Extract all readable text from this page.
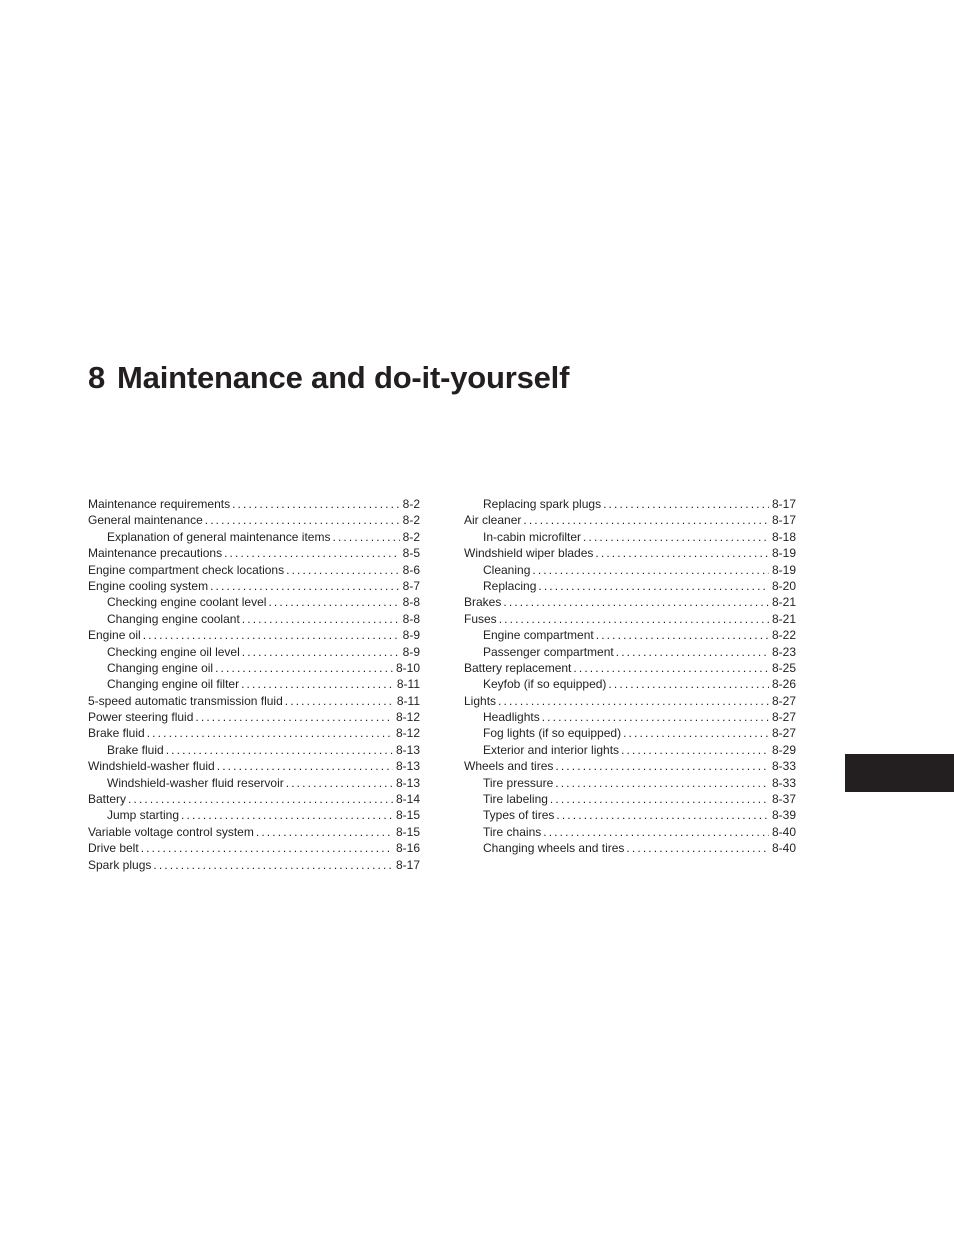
8 Maintenance and do-it-yourself
Maintenance requirements . . .	8-2
General maintenance . . .	8-2
Explanation of general maintenance items . . .	8-2
Maintenance precautions . . .	8-5
Engine compartment check locations . . .	8-6
Engine cooling system . . .	8-7
Checking engine coolant level . . .	8-8
Changing engine coolant . . .	8-8
Engine oil . . .	8-9
Checking engine oil level . . .	8-9
Changing engine oil . . .	8-10
Changing engine oil filter . . .	8-11
5-speed automatic transmission fluid . . .	8-11
Power steering fluid . . .	8-12
Brake fluid . . .	8-12
Brake fluid . . .	8-13
Windshield-washer fluid . . .	8-13
Windshield-washer fluid reservoir . . .	8-13
Battery . . .	8-14
Jump starting . . .	8-15
Variable voltage control system . . .	8-15
Drive belt . . .	8-16
Spark plugs . . .	8-17
Replacing spark plugs . . .	8-17
Air cleaner . . .	8-17
In-cabin microfilter . . .	8-18
Windshield wiper blades . . .	8-19
Cleaning . . .	8-19
Replacing . . .	8-20
Brakes . . .	8-21
Fuses . . .	8-21
Engine compartment . . .	8-22
Passenger compartment . . .	8-23
Battery replacement . . .	8-25
Keyfob (if so equipped) . . .	8-26
Lights . . .	8-27
Headlights . . .	8-27
Fog lights (if so equipped) . . .	8-27
Exterior and interior lights . . .	8-29
Wheels and tires . . .	8-33
Tire pressure . . .	8-33
Tire labeling . . .	8-37
Types of tires . . .	8-39
Tire chains . . .	8-40
Changing wheels and tires . . .	8-40
